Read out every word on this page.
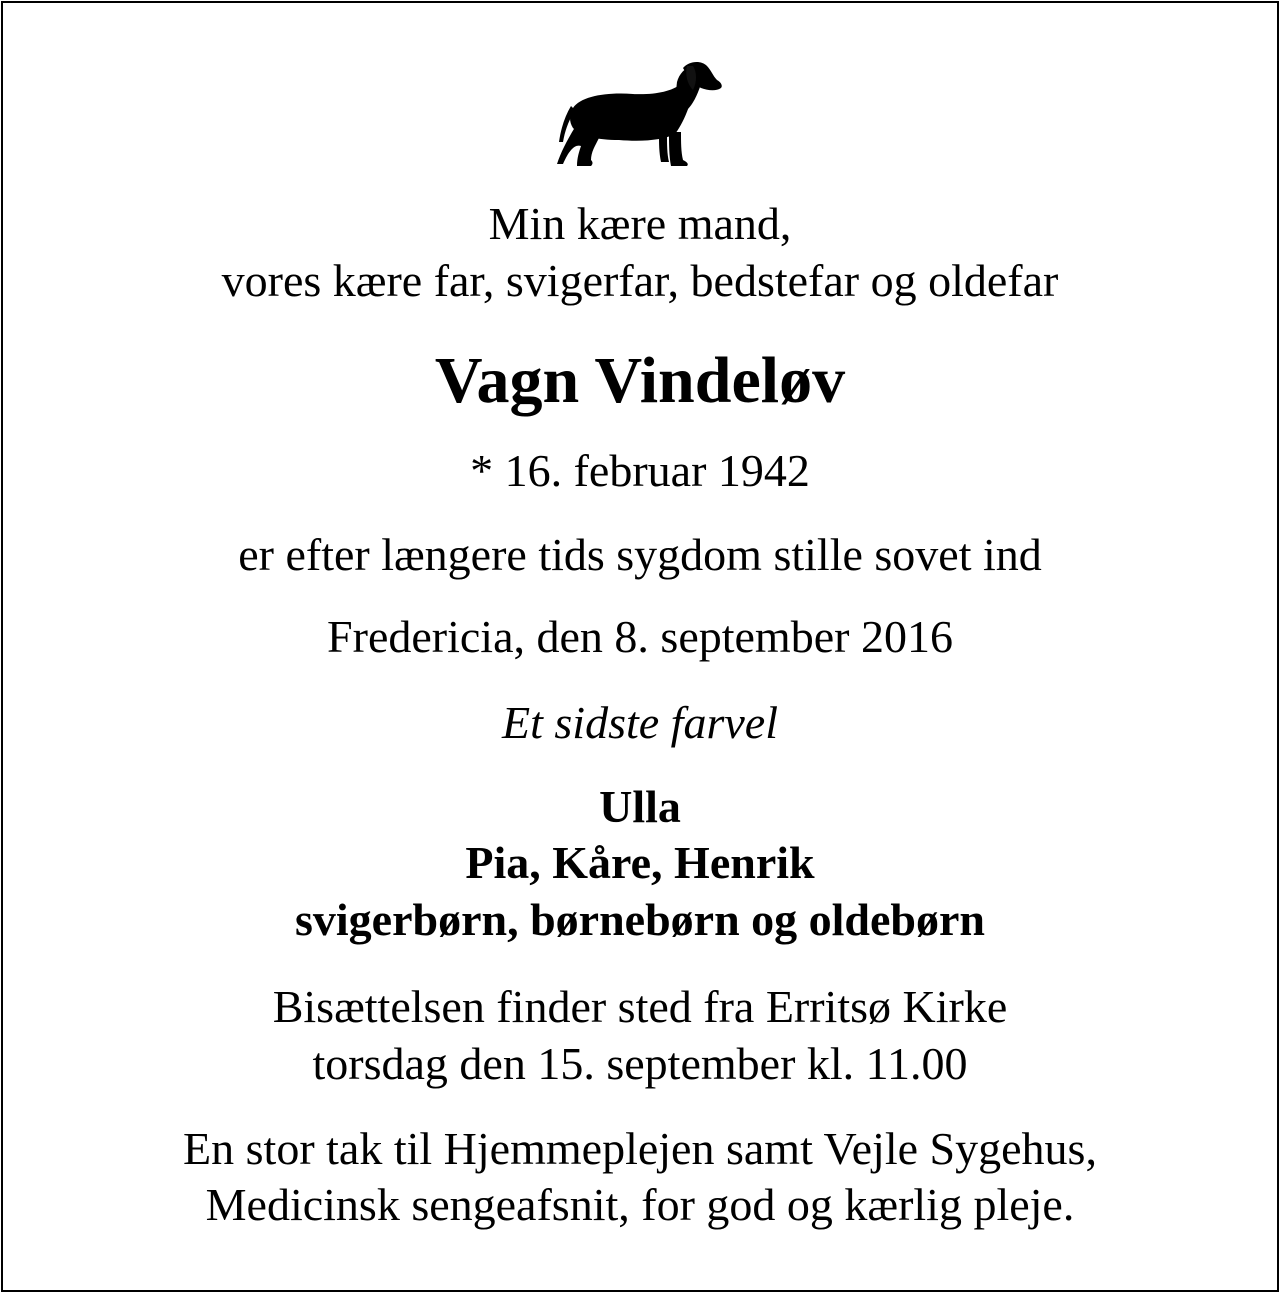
Min kære mand,
vores kære far, svigerfar, bedstefar og oldefar
Vagn Vindeløv
* 16. februar 1942
er efter længere tids sygdom stille sovet ind
Fredericia, den 8. september 2016
Et sidste farvel
Ulla
Pia, Kåre, Henrik
svigerbørn, børnebørn og oldebørn
Bisættelsen finder sted fra Erritsø Kirke
torsdag den 15. september kl. 11.00
En stor tak til Hjemmeplejen samt Vejle Sygehus,
Medicinsk sengeafsnit, for god og kærlig pleje.
